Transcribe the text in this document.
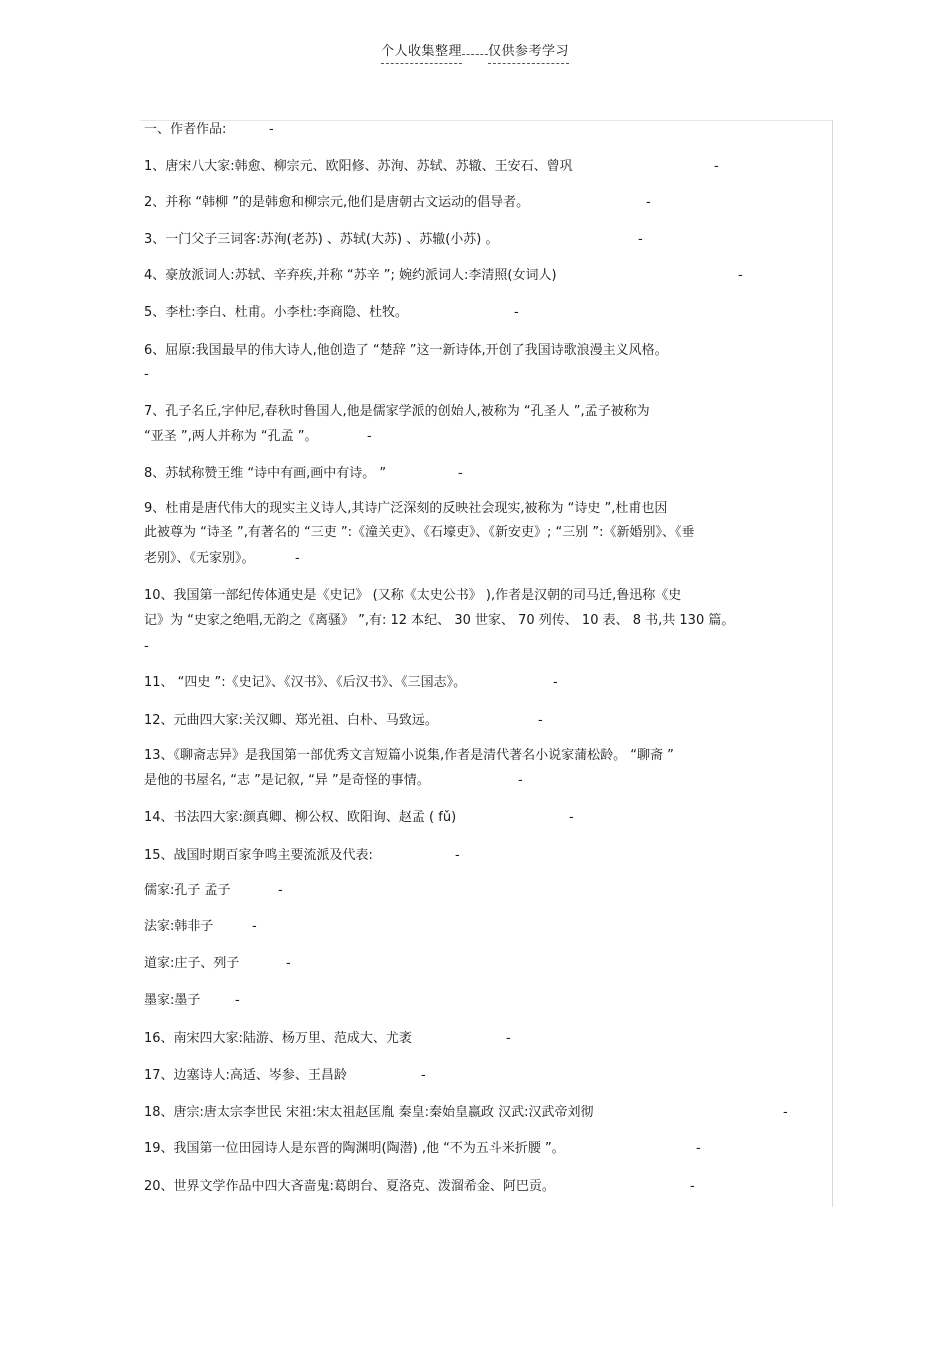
个人收集整理 仅供参考学习
一、作者作品:	-
1、唐宋八大家:韩愈、柳宗元、欧阳修、苏洵、苏轼、苏辙、王安石、曾巩	-
2、并称 “韩柳 ”的是韩愈和柳宗元,他们是唐朝古文运动的倡导者。	-
3、一门父子三词客:苏洵(老苏) 、苏轼(大苏) 、苏辙(小苏) 。	-
4、豪放派词人:苏轼、辛弃疾,并称 “苏辛 ”; 婉约派词人:李清照(女词人)	-
5、李杜:李白、杜甫。小李杜:李商隐、杜牧。	-
6、屈原:我国最早的伟大诗人,他创造了 “楚辞 ”这一新诗体,开创了我国诗歌浪漫主义风格。
-
7、孔子名丘,字仲尼,春秋时鲁国人,他是儒家学派的创始人,被称为 “孔圣人 ”,孟子被称为
“亚圣 ”,两人并称为 “孔孟 ”。	-
8、苏轼称赞王维 “诗中有画,画中有诗。 ”	-
9、杜甫是唐代伟大的现实主义诗人,其诗广泛深刻的反映社会现实,被称为 “诗史 ”,杜甫也因
此被尊为 “诗圣 ”,有著名的 “三吏 ”:《潼关吏》、《石壕吏》、《新安吏》; “三别 ”:《新婚别》、《垂
老别》、《无家别》。	-
10、我国第一部纪传体通史是《史记》 (又称《太史公书》 ),作者是汉朝的司马迁,鲁迅称《史
记》为 “史家之绝唱,无韵之《离骚》 ”,有: 12 本纪、 30 世家、 70 列传、 10 表、 8 书,共 130 篇。
-
11、 “四史 ”:《史记》、《汉书》、《后汉书》、《三国志》。	-
12、元曲四大家:关汉卿、郑光祖、白朴、马致远。	-
13、《聊斋志异》是我国第一部优秀文言短篇小说集,作者是清代著名小说家蒲松龄。 “聊斋 ”
是他的书屋名, “志 ”是记叙, “异 ”是奇怪的事情。	-
14、书法四大家:颜真卿、柳公权、欧阳询、赵孟 ( fǔ)	-
15、战国时期百家争鸣主要流派及代表:	-
儒家:孔子 孟子	-
法家:韩非子	-
道家:庄子、列子	-
墨家:墨子	-
16、南宋四大家:陆游、杨万里、范成大、尤袤	-
17、边塞诗人:高适、岑参、王昌龄	-
18、唐宗:唐太宗李世民 宋祖:宋太祖赵匡胤 秦皇:秦始皇嬴政 汉武:汉武帝刘彻	-
19、我国第一位田园诗人是东晋的陶渊明(陶潜) ,他 “不为五斗米折腰 ”。	-
20、世界文学作品中四大吝啬鬼:葛朗台、夏洛克、泼溜希金、阿巴贡。	-
